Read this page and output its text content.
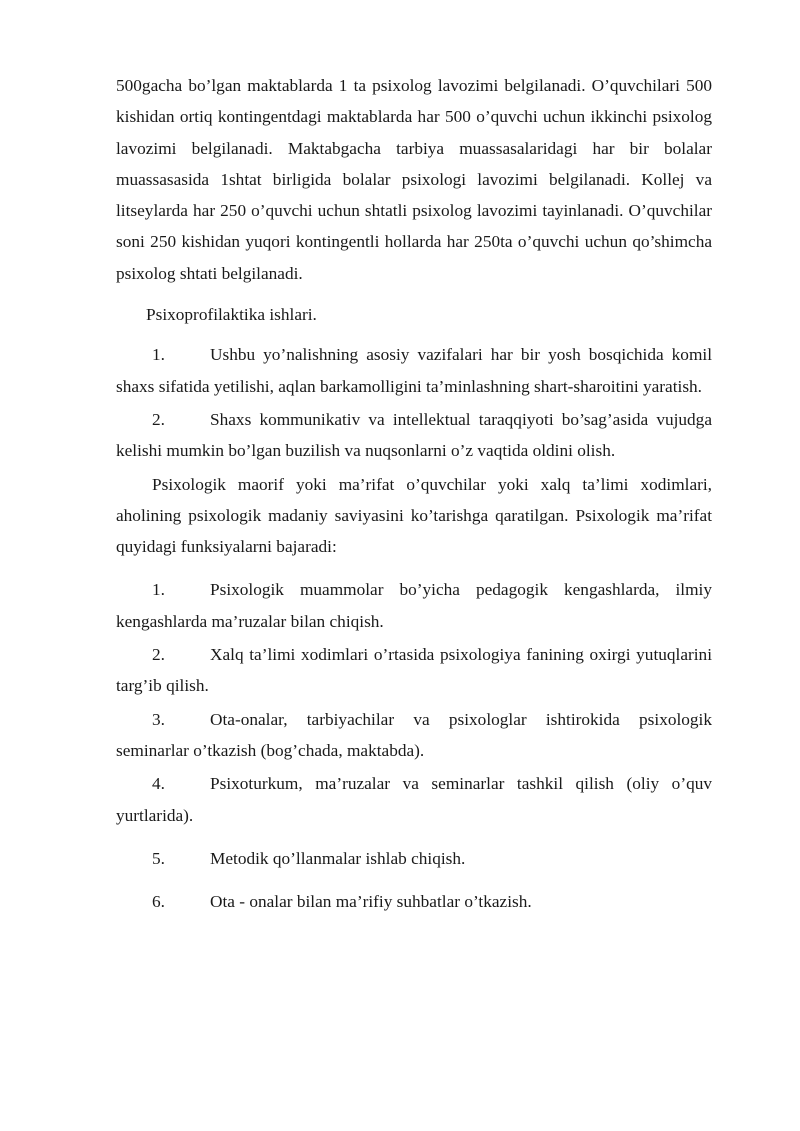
500gacha bo’lgan maktablarda 1 ta psixolog lavozimi belgilanadi. O’quvchilari 500 kishidan ortiq kontingentdagi maktablarda har 500 o’quvchi uchun ikkinchi psixolog lavozimi belgilanadi. Maktabgacha tarbiya muassasalaridagi har bir bolalar muassasasida 1shtat birligida bolalar psixologi lavozimi belgilanadi. Kollej va litseylarda har 250 o’quvchi uchun shtatli psixolog lavozimi tayinlanadi. O’quvchilar soni 250 kishidan yuqori kontingentli hollarda har 250ta o’quvchi uchun qo’shimcha psixolog shtati belgilanadi.

Psixoprofilaktika ishlari.

1.	Ushbu yo’nalishning asosiy vazifalari har bir yosh bosqichida komil shaxs sifatida yetilishi, aqlan barkamolligini ta’minlashning shart-sharoitini yaratish.

2.	Shaxs kommunikativ va intellektual taraqqiyoti bo’sag’asida vujudga kelishi mumkin bo’lgan buzilish va nuqsonlarni o’z vaqtida oldini olish.

Psixologik maorif yoki ma’rifat o’quvchilar yoki xalq ta’limi xodimlari, aholining psixologik madaniy saviyasini ko’tarishga qaratilgan. Psixologik ma’rifat quyidagi funksiyalarni bajaradi:

1.	Psixologik muammolar bo’yicha pedagogik kengashlarda, ilmiy kengashlarda ma’ruzalar bilan chiqish.

2.	Xalq ta’limi xodimlari o’rtasida psixologiya fanining oxirgi yutuqlarini targ’ib qilish.

3.	Ota-onalar, tarbiyachilar va psixologlar ishtirokida psixologik seminarlar o’tkazish (bog’chada, maktabda).

4.	Psixoturkum, ma’ruzalar va seminarlar tashkil qilish (oliy o’quv yurtlarida).

5.	Metodik qo’llanmalar ishlab chiqish.

6.	Ota - onalar bilan ma’rifiy suhbatlar o’tkazish.
